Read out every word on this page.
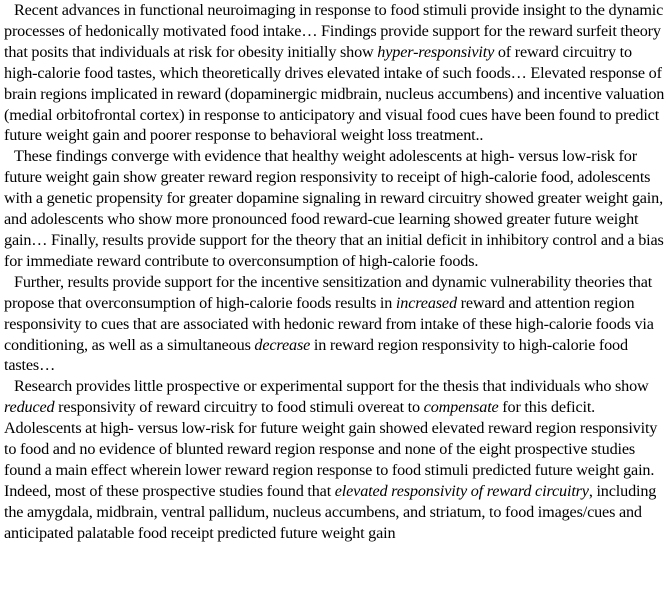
Recent advances in functional neuroimaging in response to food stimuli provide insight to the dynamic processes of hedonically motivated food intake… Findings provide support for the reward surfeit theory that posits that individuals at risk for obesity initially show hyper-responsivity of reward circuitry to high-calorie food tastes, which theoretically drives elevated intake of such foods… Elevated response of brain regions implicated in reward (dopaminergic midbrain, nucleus accumbens) and incentive valuation (medial orbitofrontal cortex) in response to anticipatory and visual food cues have been found to predict future weight gain and poorer response to behavioral weight loss treatment..

These findings converge with evidence that healthy weight adolescents at high- versus low-risk for future weight gain show greater reward region responsivity to receipt of high-calorie food, adolescents with a genetic propensity for greater dopamine signaling in reward circuitry showed greater weight gain, and adolescents who show more pronounced food reward-cue learning showed greater future weight gain… Finally, results provide support for the theory that an initial deficit in inhibitory control and a bias for immediate reward contribute to overconsumption of high-calorie foods.

Further, results provide support for the incentive sensitization and dynamic vulnerability theories that propose that overconsumption of high-calorie foods results in increased reward and attention region responsivity to cues that are associated with hedonic reward from intake of these high-calorie foods via conditioning, as well as a simultaneous decrease in reward region responsivity to high-calorie food tastes…

Research provides little prospective or experimental support for the thesis that individuals who show reduced responsivity of reward circuitry to food stimuli overeat to compensate for this deficit. Adolescents at high- versus low-risk for future weight gain showed elevated reward region responsivity to food and no evidence of blunted reward region response and none of the eight prospective studies found a main effect wherein lower reward region response to food stimuli predicted future weight gain. Indeed, most of these prospective studies found that elevated responsivity of reward circuitry, including the amygdala, midbrain, ventral pallidum, nucleus accumbens, and striatum, to food images/cues and anticipated palatable food receipt predicted future weight gain
